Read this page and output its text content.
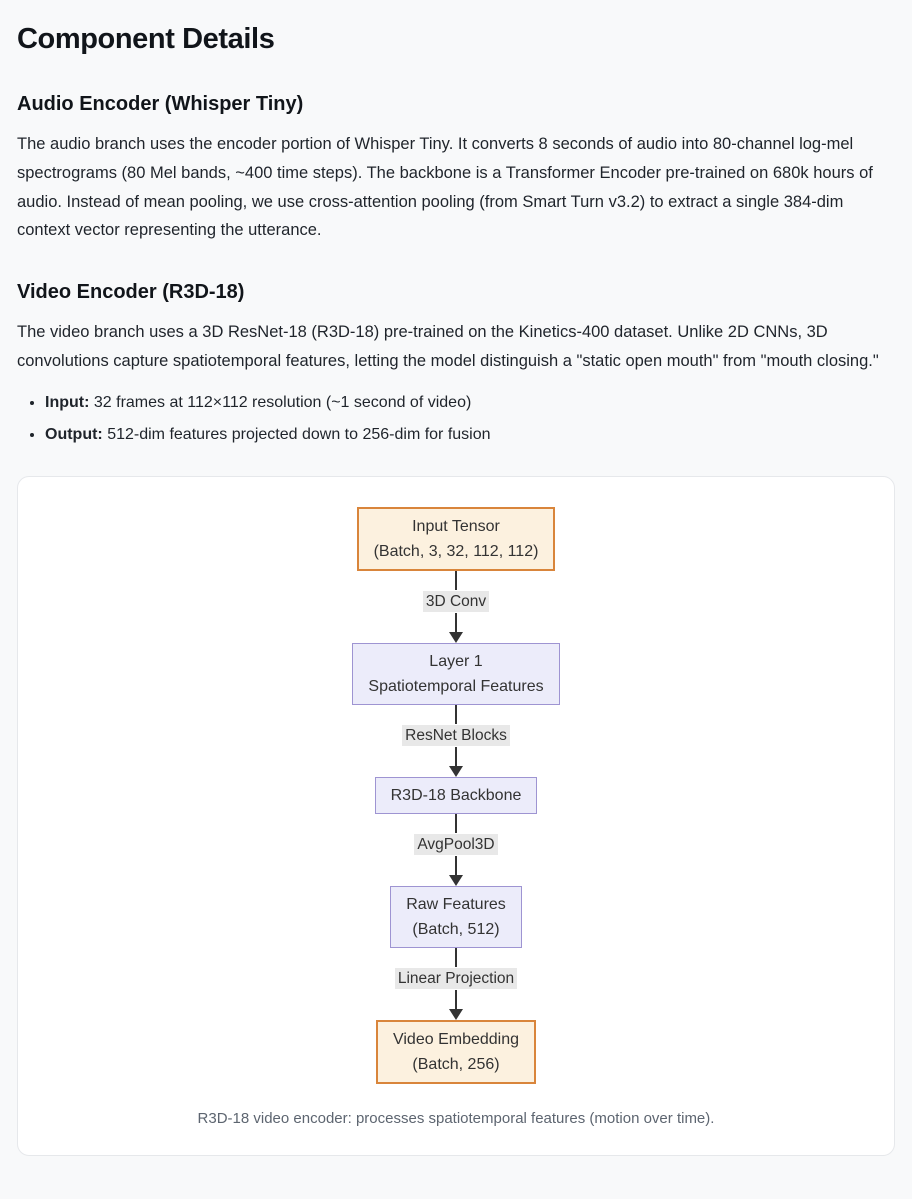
Component Details
Audio Encoder (Whisper Tiny)

The audio branch uses the encoder portion of Whisper Tiny. It converts 8 seconds of audio into 80-channel log-mel spectrograms (80 Mel bands, ~400 time steps). The backbone is a Transformer Encoder pre-trained on 680k hours of audio. Instead of mean pooling, we use cross-attention pooling (from Smart Turn v3.2) to extract a single 384-dim context vector representing the utterance.

Video Encoder (R3D-18)

The video branch uses a 3D ResNet-18 (R3D-18) pre-trained on the Kinetics-400 dataset. Unlike 2D CNNs, 3D convolutions capture spatiotemporal features, letting the model distinguish a "static open mouth" from "mouth closing."

• Input: 32 frames at 112×112 resolution (~1 second of video)
• Output: 512-dim features projected down to 256-dim for fusion
Input Tensor
(Batch, 3, 32, 112, 112)
3D Conv
Layer 1
Spatiotemporal Features
ResNet Blocks
R3D-18 Backbone
AvgPool3D
Raw Features
(Batch, 512)
Linear Projection
Video Embedding
(Batch, 256)
R3D-18 video encoder: processes spatiotemporal features (motion over time).
